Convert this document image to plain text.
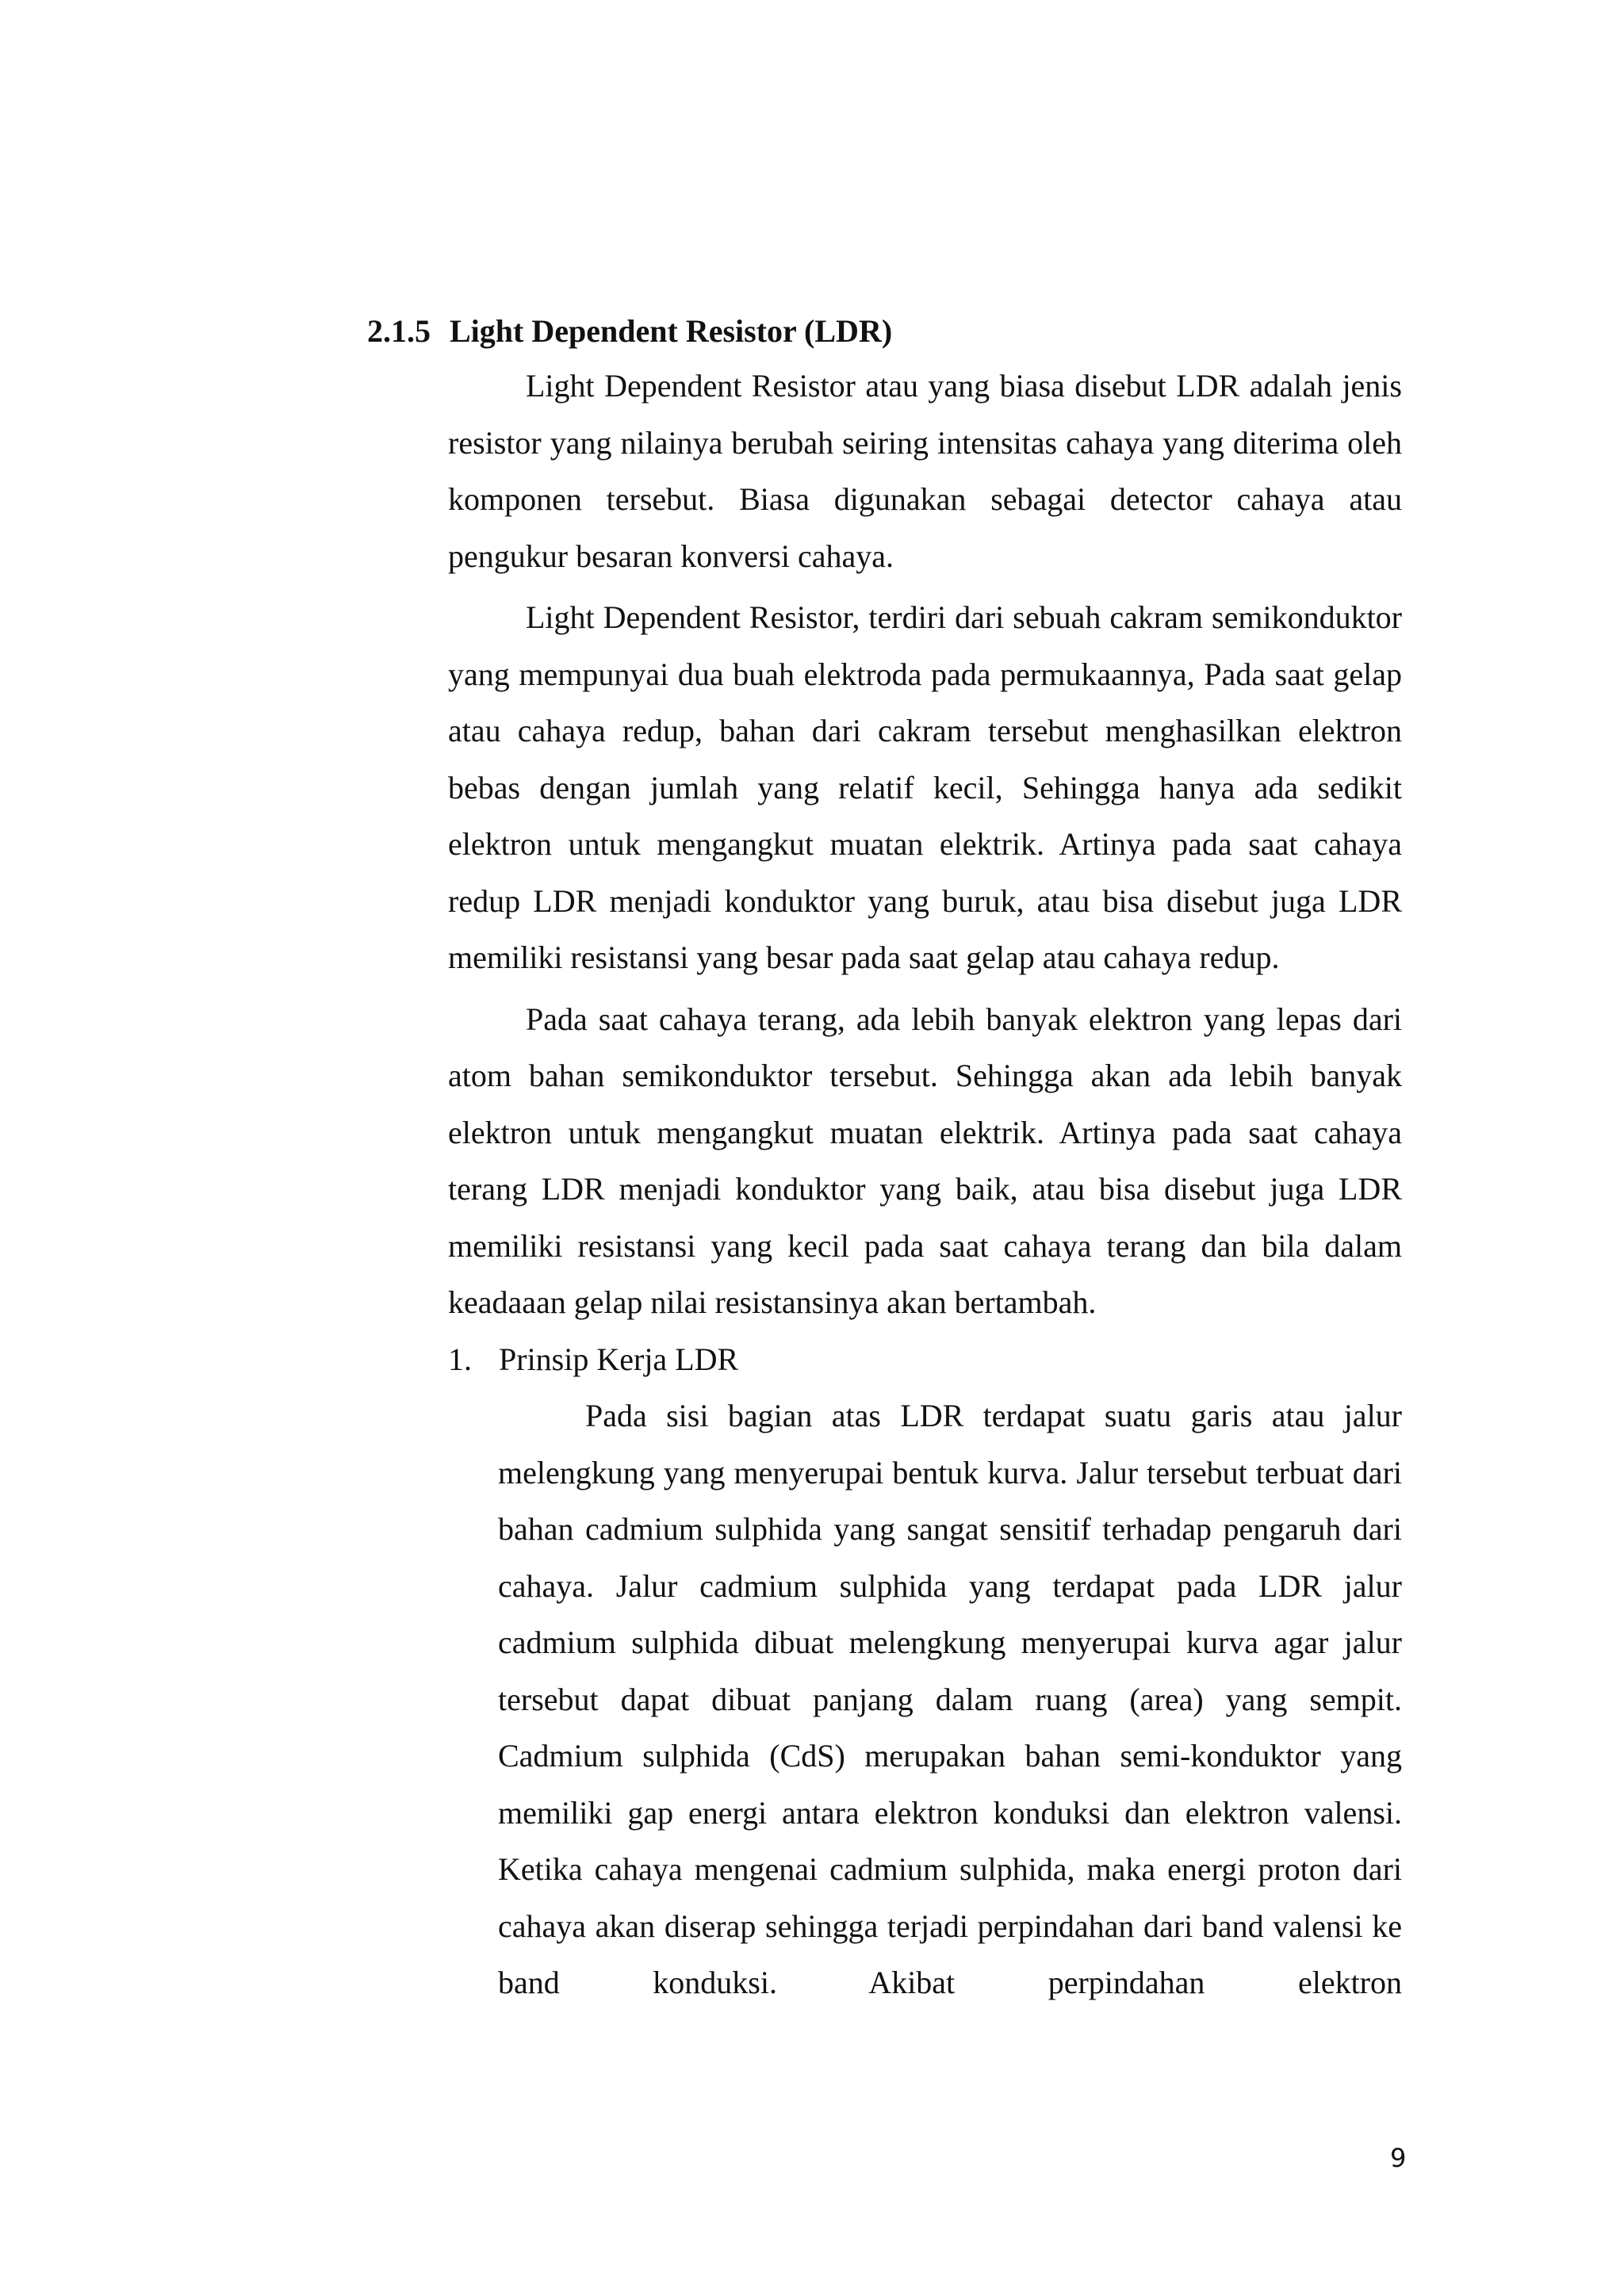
2.1.5 Light Dependent Resistor (LDR)

Light Dependent Resistor atau yang biasa disebut LDR adalah jenis resistor yang nilainya berubah seiring intensitas cahaya yang diterima oleh komponen tersebut. Biasa digunakan sebagai detector cahaya atau pengukur besaran konversi cahaya.

Light Dependent Resistor, terdiri dari sebuah cakram semikonduktor yang mempunyai dua buah elektroda pada permukaannya, Pada saat gelap atau cahaya redup, bahan dari cakram tersebut menghasilkan elektron bebas dengan jumlah yang relatif kecil, Sehingga hanya ada sedikit elektron untuk mengangkut muatan elektrik. Artinya pada saat cahaya redup LDR menjadi konduktor yang buruk, atau bisa disebut juga LDR memiliki resistansi yang besar pada saat gelap atau cahaya redup.

Pada saat cahaya terang, ada lebih banyak elektron yang lepas dari atom bahan semikonduktor tersebut. Sehingga akan ada lebih banyak elektron untuk mengangkut muatan elektrik. Artinya pada saat cahaya terang LDR menjadi konduktor yang baik, atau bisa disebut juga LDR memiliki resistansi yang kecil pada saat cahaya terang dan bila dalam keadaaan gelap nilai resistansinya akan bertambah.

1. Prinsip Kerja LDR

Pada sisi bagian atas LDR terdapat suatu garis atau jalur melengkung yang menyerupai bentuk kurva. Jalur tersebut terbuat dari bahan cadmium sulphida yang sangat sensitif terhadap pengaruh dari cahaya. Jalur cadmium sulphida yang terdapat pada LDR jalur cadmium sulphida dibuat melengkung menyerupai kurva agar jalur tersebut dapat dibuat panjang dalam ruang (area) yang sempit. Cadmium sulphida (CdS) merupakan bahan semi-konduktor yang memiliki gap energi antara elektron konduksi dan elektron valensi. Ketika cahaya mengenai cadmium sulphida, maka energi proton dari cahaya akan diserap sehingga terjadi perpindahan dari band valensi ke band konduksi. Akibat perpindahan elektron

9
